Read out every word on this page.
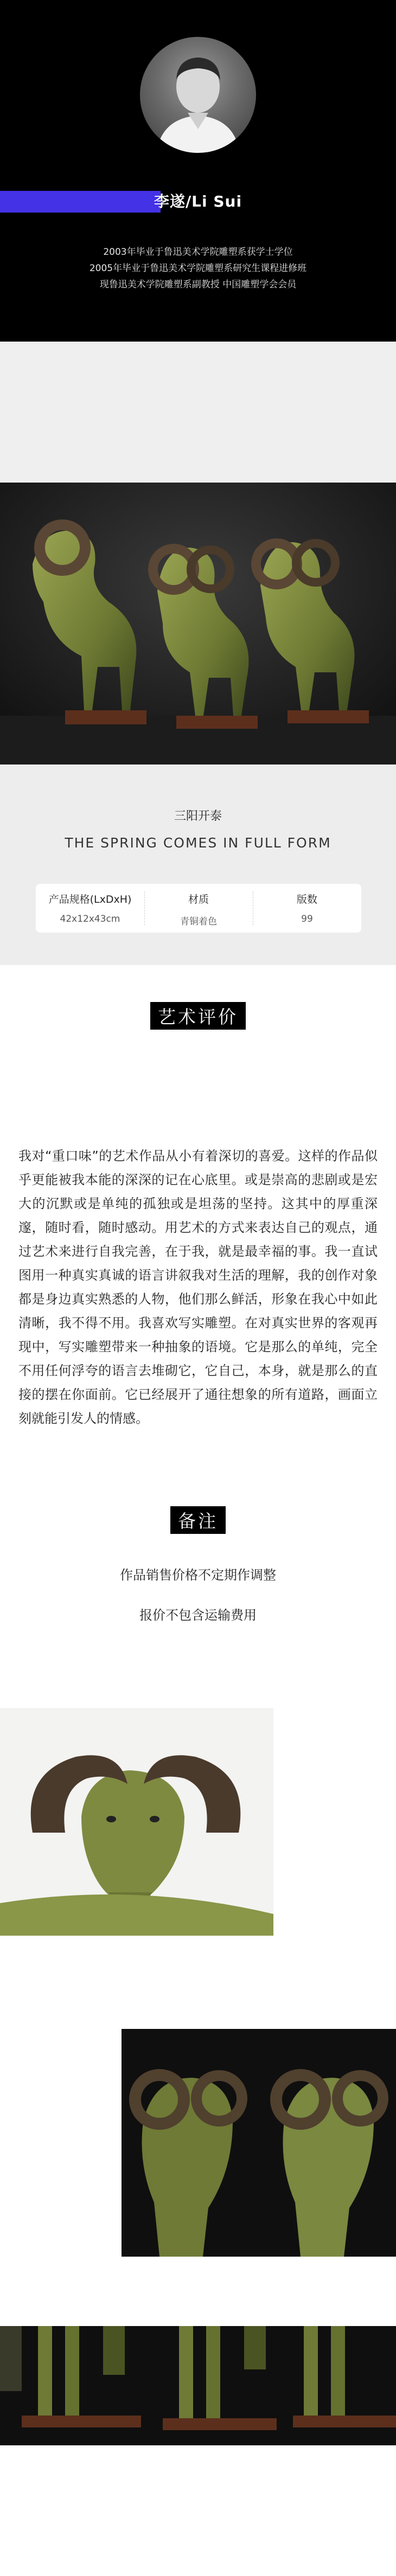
李遂/Li Sui
2003年毕业于鲁迅美术学院雕塑系获学士学位
2005年毕业于鲁迅美术学院雕塑系研究生课程进修班
现鲁迅美术学院雕塑系副教授 中国雕塑学会会员
三阳开泰
THE SPRING COMES IN FULL FORM
产品规格(LxDxH)
42x12x43cm
材质
青铜着色
版数
99
艺术评价

我对“重口味”的艺术作品从小有着深切的喜爱。这样的作品似乎更能被我本能的深深的记在心底里。或是崇高的悲剧或是宏大的沉默或是单纯的孤独或是坦荡的坚持。这其中的厚重深邃，随时看，随时感动。用艺术的方式来表达自己的观点，通过艺术来进行自我完善，在于我，就是最幸福的事。我一直试图用一种真实真诚的语言讲叙我对生活的理解，我的创作对象都是身边真实熟悉的人物，他们那么鲜活，形象在我心中如此清晰，我不得不用。我喜欢写实雕塑。在对真实世界的客观再现中，写实雕塑带来一种抽象的语境。它是那么的单纯，完全不用任何浮夸的语言去堆砌它，它自己，本身，就是那么的直接的摆在你面前。它已经展开了通往想象的所有道路，画面立刻就能引发人的情感。

备注
作品销售价格不定期作调整
报价不包含运输费用
